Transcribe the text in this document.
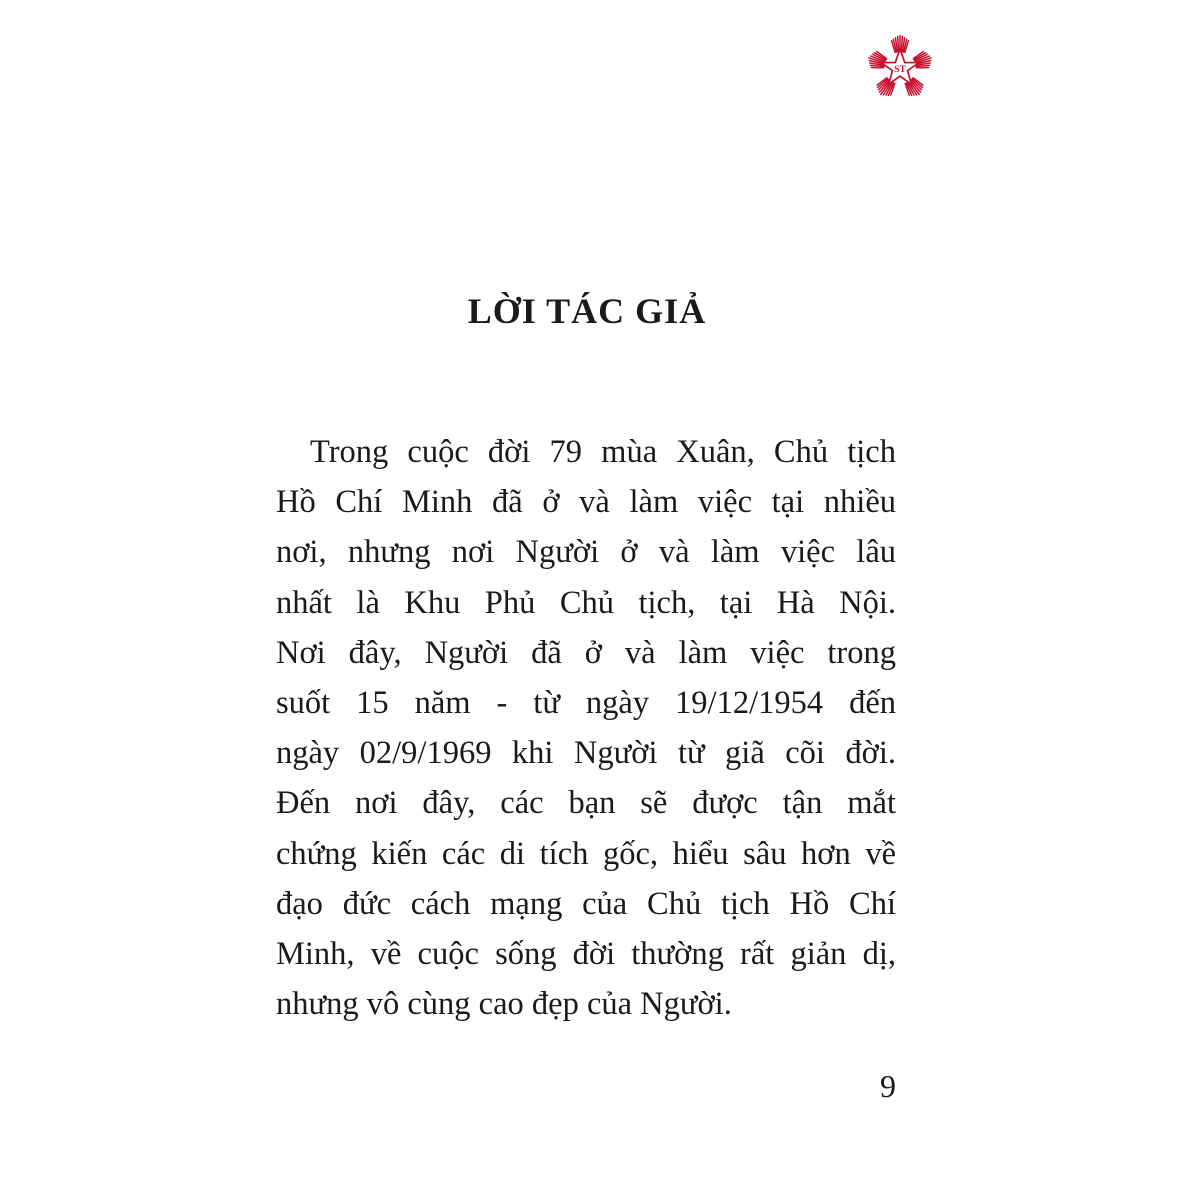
ST
LỜI TÁC GIẢ
Trong cuộc đời 79 mùa Xuân, Chủ tịch
Hồ Chí Minh đã ở và làm việc tại nhiều
nơi, nhưng nơi Người ở và làm việc lâu
nhất là Khu Phủ Chủ tịch, tại Hà Nội.
Nơi đây, Người đã ở và làm việc trong
suốt 15 năm - từ ngày 19/12/1954 đến
ngày 02/9/1969 khi Người từ giã cõi đời.
Đến nơi đây, các bạn sẽ được tận mắt
chứng kiến các di tích gốc, hiểu sâu hơn về
đạo đức cách mạng của Chủ tịch Hồ Chí
Minh, về cuộc sống đời thường rất giản dị,
nhưng vô cùng cao đẹp của Người.
9
